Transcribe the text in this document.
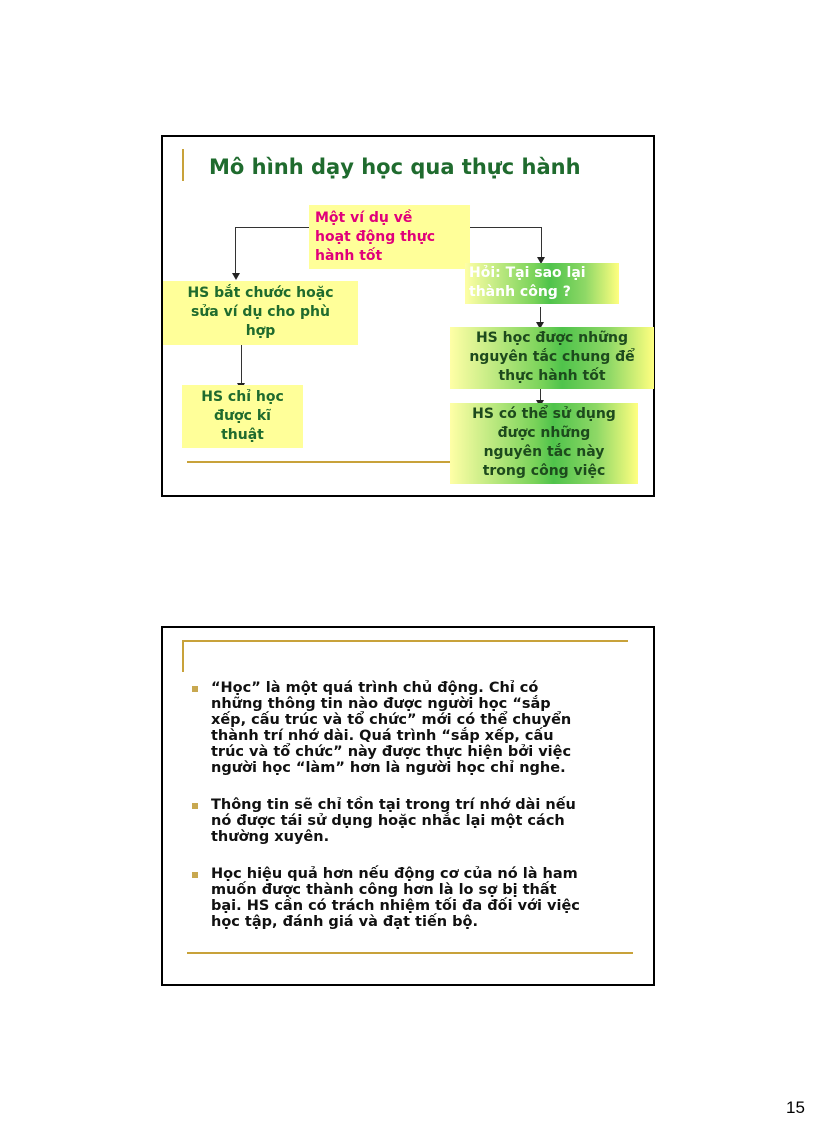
Mô hình dạy học qua thực hành
Một ví dụ về
hoạt động thực
hành tốt
HS bắt chước hoặc
sửa ví dụ cho phù
hợp
HS chỉ học
được kĩ
thuật
Hỏi: Tại sao lại
thành công ?
HS học được những
nguyên tắc chung để
thực hành tốt
HS có thể sử dụng
được những
nguyên tắc này
trong công việc
“Học” là một quá trình chủ động. Chỉ có
những thông tin nào được người học “sắp
xếp, cấu trúc và tổ chức” mới có thể chuyển
thành trí nhớ dài. Quá trình “sắp xếp, cấu
trúc và tổ chức” này được thực hiện bởi việc
người học “làm” hơn là người học chỉ nghe.
Thông tin sẽ chỉ tồn tại trong trí nhớ dài nếu
nó được tái sử dụng hoặc nhắc lại một cách
thường xuyên.
Học hiệu quả hơn nếu động cơ của nó là ham
muốn được thành công hơn là lo sợ bị thất
bại. HS cần có trách nhiệm tối đa đối với việc
học tập, đánh giá và đạt tiến bộ.
15
